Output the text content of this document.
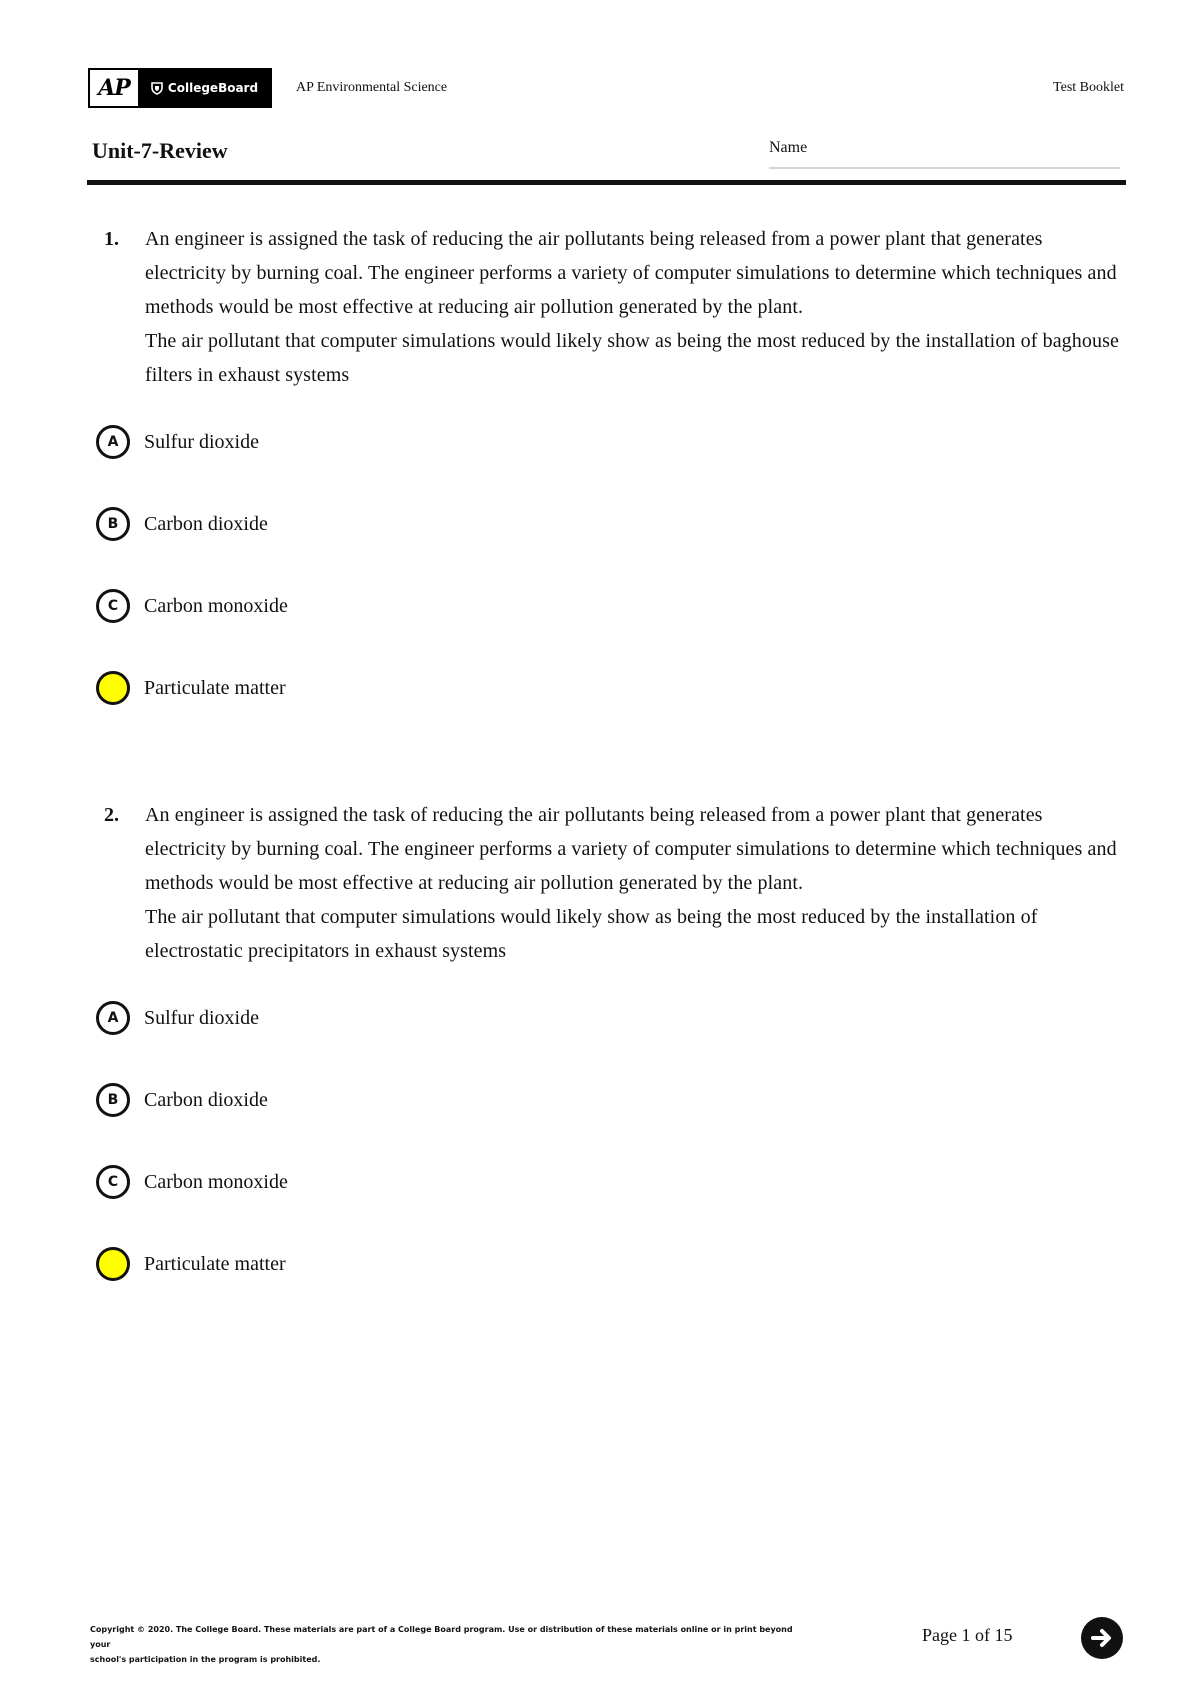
AP	CollegeBoard	AP Environmental Science	Test Booklet
Unit-7-Review	Name
1. An engineer is assigned the task of reducing the air pollutants being released from a power plant that generates electricity by burning coal. The engineer performs a variety of computer simulations to determine which techniques and methods would be most effective at reducing air pollution generated by the plant.

The air pollutant that computer simulations would likely show as being the most reduced by the installation of baghouse filters in exhaust systems

A	Sulfur dioxide
B	Carbon dioxide
C	Carbon monoxide
Particulate matter
2. An engineer is assigned the task of reducing the air pollutants being released from a power plant that generates electricity by burning coal. The engineer performs a variety of computer simulations to determine which techniques and methods would be most effective at reducing air pollution generated by the plant.

The air pollutant that computer simulations would likely show as being the most reduced by the installation of electrostatic precipitators in exhaust systems

A	Sulfur dioxide
B	Carbon dioxide
C	Carbon monoxide
Particulate matter
Copyright © 2020. The College Board. These materials are part of a College Board program. Use or distribution of these materials online or in print beyond your
school's participation in the program is prohibited.
Page 1 of 15
